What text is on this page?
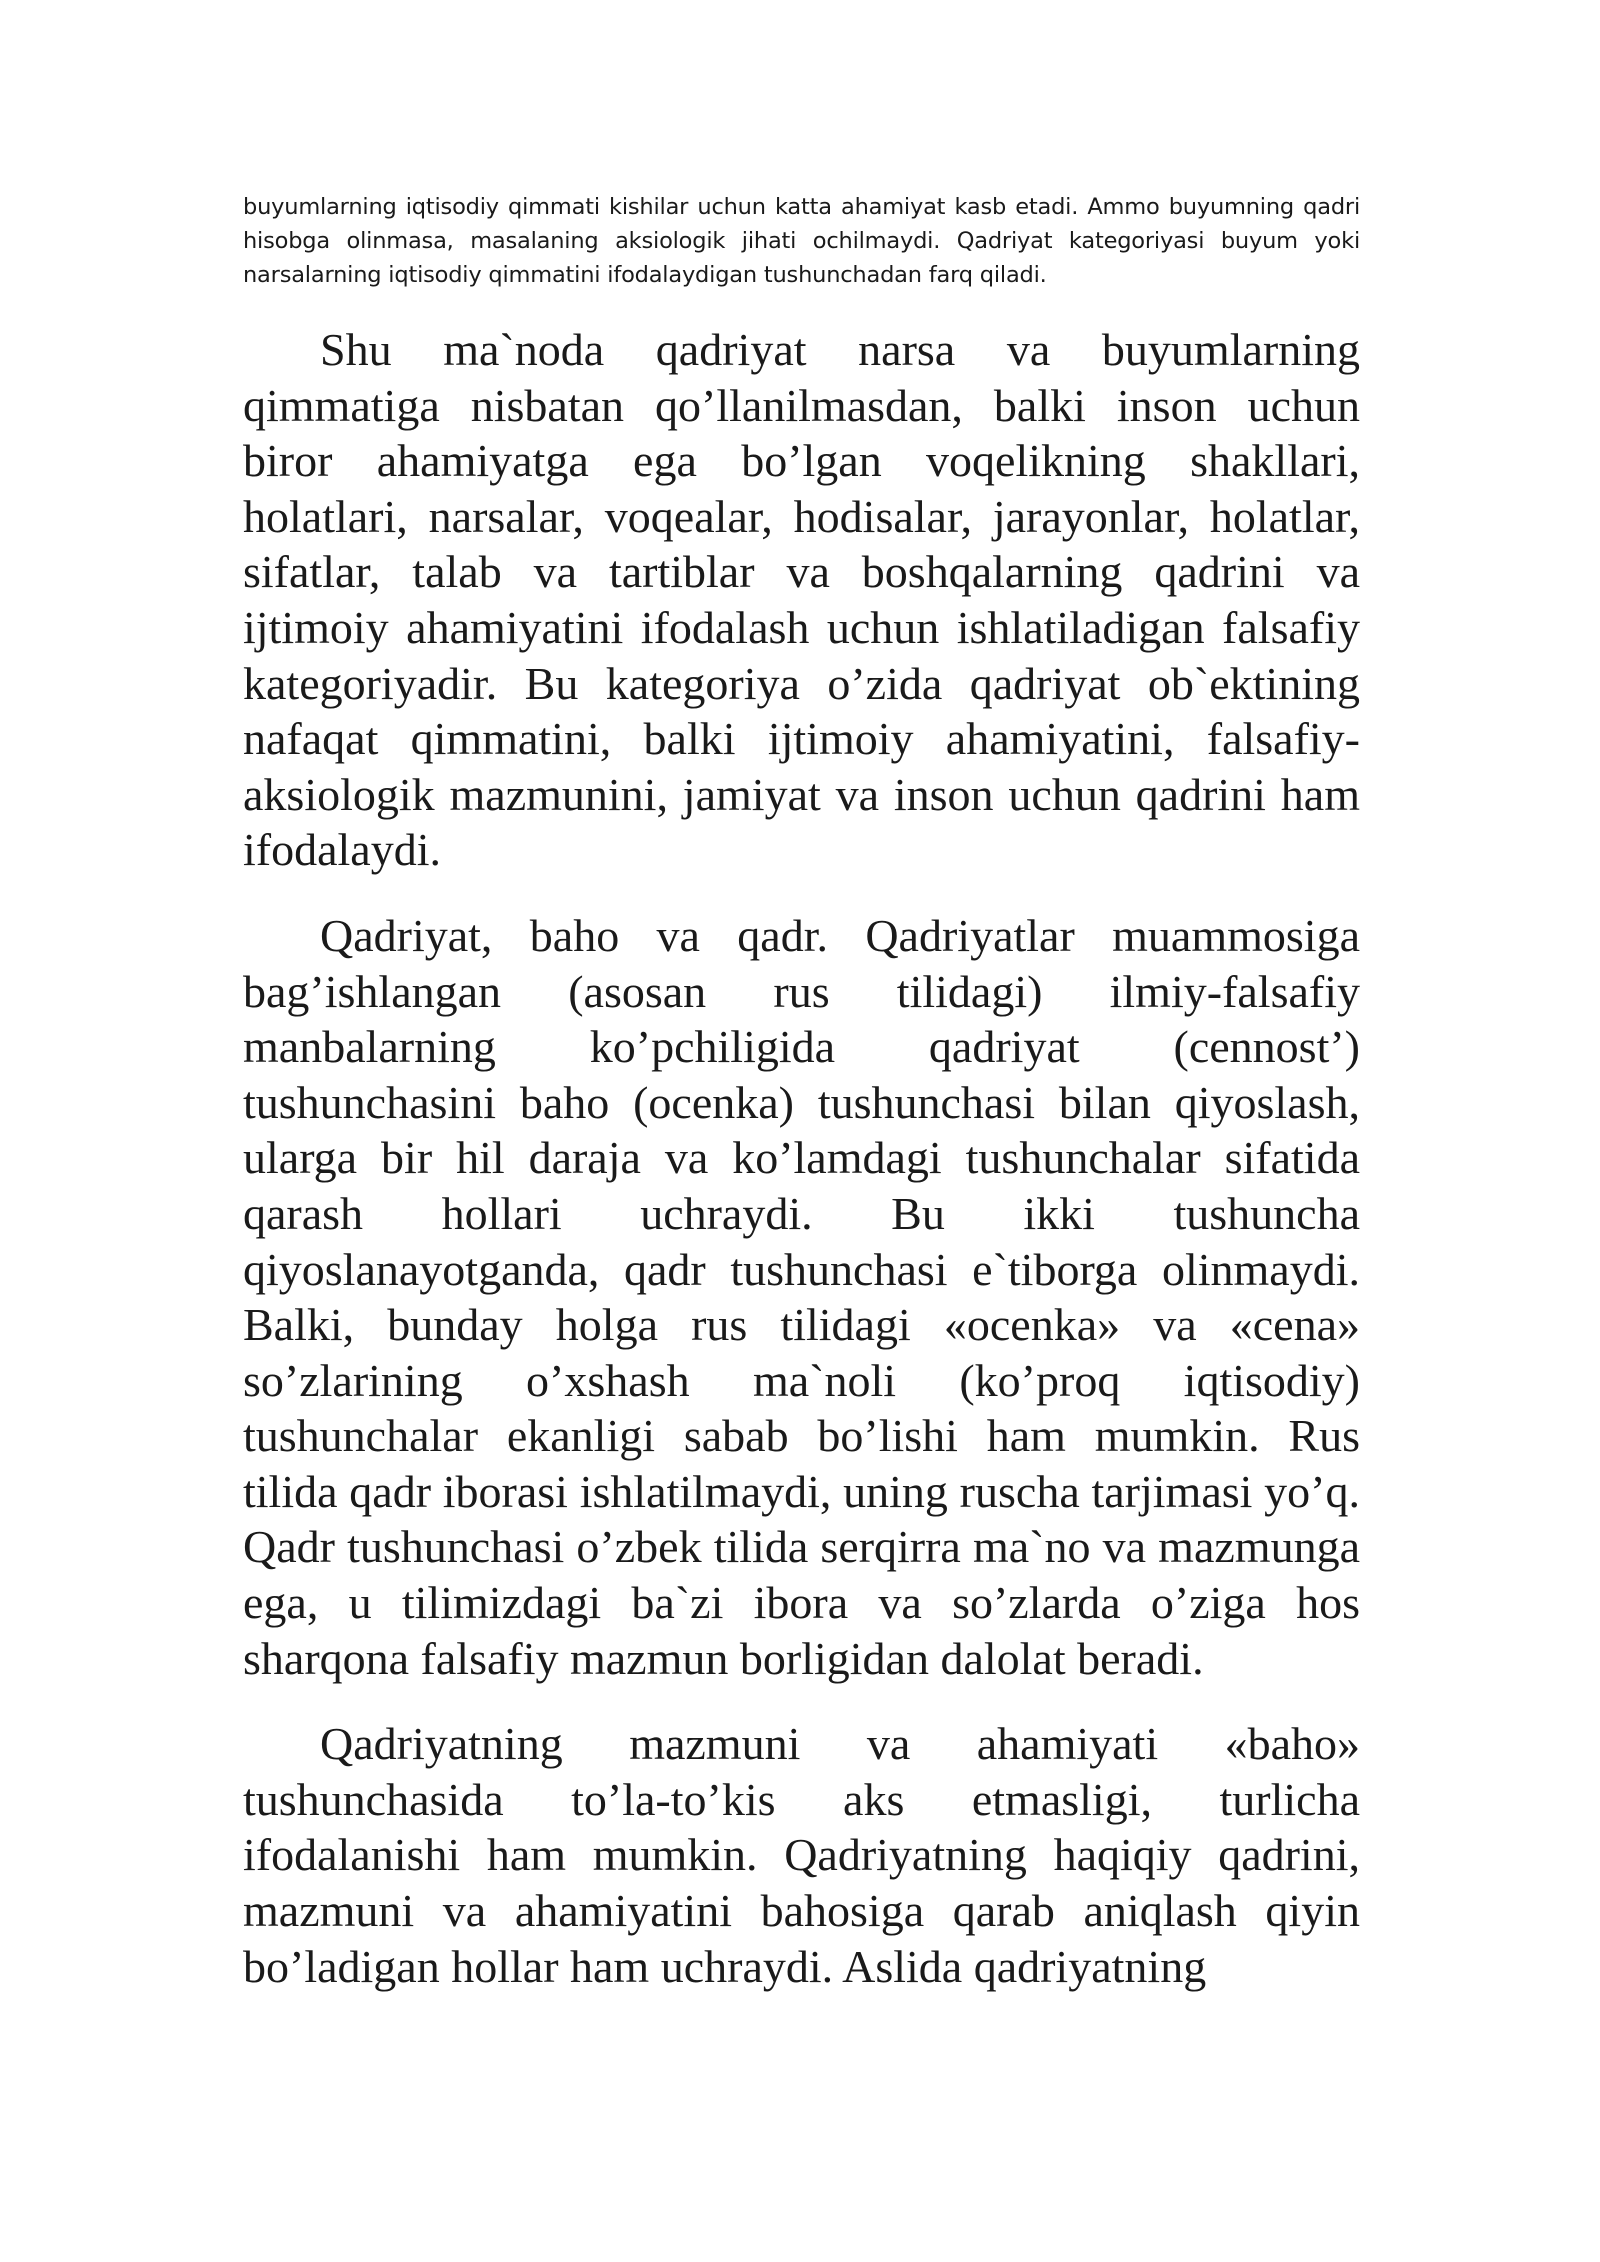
buyumlarning iqtisodiy qimmati kishilar uchun katta ahamiyat kasb etadi. Ammo buyumning qadri hisobga olinmasa, masalaning aksiologik jihati ochilmaydi. Qadriyat kategoriyasi buyum yoki narsalarning iqtisodiy qimmatini ifodalaydigan tushunchadan farq qiladi.

Shu ma`noda qadriyat narsa va buyumlarning qimmatiga nisbatan qo’llanilmasdan, balki inson uchun biror ahamiyatga ega bo’lgan voqelikning shakllari, holatlari, narsalar, voqealar, hodisalar, jarayonlar, holatlar, sifatlar, talab va tartiblar va boshqalarning qadrini va ijtimoiy ahamiyatini ifodalash uchun ishlatiladigan falsafiy kategoriyadir. Bu kategoriya o’zida qadriyat ob`ektining nafaqat qimmatini, balki ijtimoiy ahamiyatini, falsafiy-aksiologik mazmunini, jamiyat va inson uchun qadrini ham ifodalaydi.

Qadriyat, baho va qadr. Qadriyatlar muammosiga bag’ishlangan (asosan rus tilidagi) ilmiy-falsafiy manbalarning ko’pchiligida qadriyat (cennost’) tushunchasini baho (ocenka) tushunchasi bilan qiyoslash, ularga bir hil daraja va ko’lamdagi tushunchalar sifatida qarash hollari uchraydi. Bu ikki tushuncha qiyoslanayotganda, qadr tushunchasi e`tiborga olinmaydi. Balki, bunday holga rus tilidagi «ocenka» va «cena» so’zlarining o’xshash ma`noli (ko’proq iqtisodiy) tushunchalar ekanligi sabab bo’lishi ham mumkin. Rus tilida qadr iborasi ishlatilmaydi, uning ruscha tarjimasi yo’q. Qadr tushunchasi o’zbek tilida serqirra ma`no va mazmunga ega, u tilimizdagi ba`zi ibora va so’zlarda o’ziga hos sharqona falsafiy mazmun borligidan dalolat beradi.

Qadriyatning mazmuni va ahamiyati «baho» tushunchasida to’la-to’kis aks etmasligi, turlicha ifodalanishi ham mumkin. Qadriyatning haqiqiy qadrini, mazmuni va ahamiyatini bahosiga qarab aniqlash qiyin bo’ladigan hollar ham uchraydi. Aslida qadriyatning
